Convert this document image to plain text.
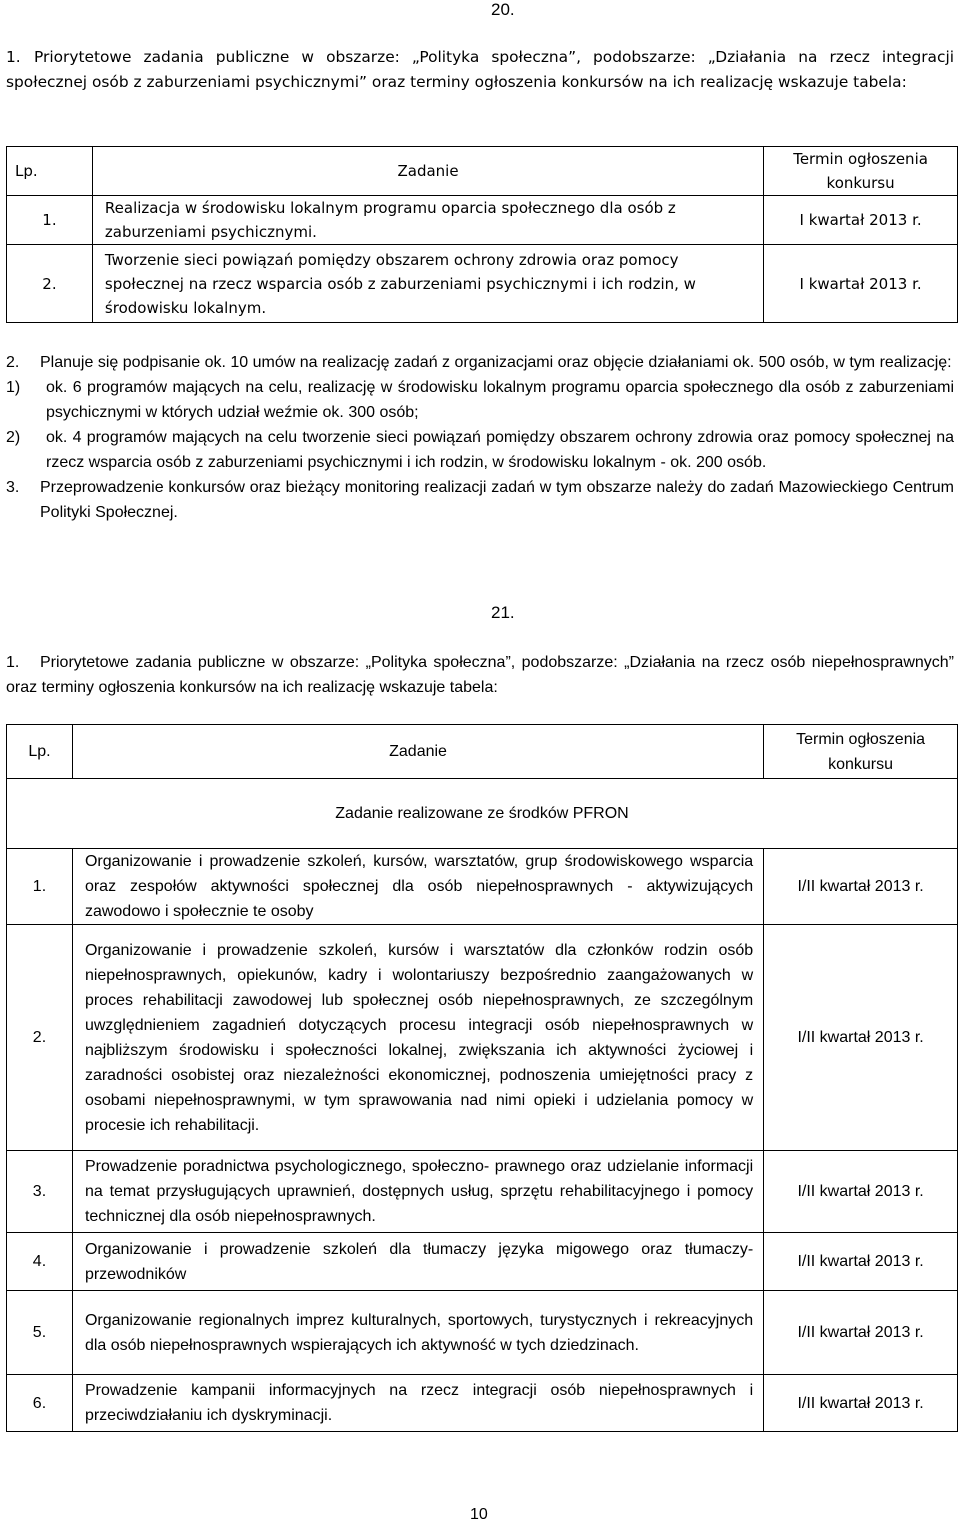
20.
1. Priorytetowe zadania publiczne w obszarze: „Polityka społeczna”, podobszarze: „Działania na rzecz integracji społecznej osób z zaburzeniami psychicznymi” oraz terminy ogłoszenia konkursów na ich realizację wskazuje tabela:
Lp.	Zadanie	Termin ogłoszenia konkursu
1.	Realizacja w środowisku lokalnym programu oparcia społecznego dla osób z zaburzeniami psychicznymi.	I kwartał 2013 r.
2.	Tworzenie sieci powiązań pomiędzy obszarem ochrony zdrowia oraz pomocy społecznej na rzecz wsparcia osób z zaburzeniami psychicznymi i ich rodzin, w środowisku lokalnym.	I kwartał 2013 r.
2. Planuje się podpisanie ok. 10 umów na realizację zadań z organizacjami oraz objęcie działaniami ok. 500 osób, w tym realizację:
1)	ok. 6 programów mających na celu, realizację w środowisku lokalnym programu oparcia społecznego dla osób z zaburzeniami psychicznymi w których udział weźmie ok. 300 osób;
2)	ok. 4 programów mających na celu tworzenie sieci powiązań pomiędzy obszarem ochrony zdrowia oraz pomocy społecznej na rzecz wsparcia osób z zaburzeniami psychicznymi i ich rodzin, w środowisku lokalnym - ok. 200 osób.
3.	Przeprowadzenie konkursów oraz bieżący monitoring realizacji zadań w tym obszarze należy do zadań Mazowieckiego Centrum Polityki Społecznej.
21.
1. Priorytetowe zadania publiczne w obszarze: „Polityka społeczna”, podobszarze: „Działania na rzecz osób niepełnosprawnych” oraz terminy ogłoszenia konkursów na ich realizację wskazuje tabela:
Lp.	Zadanie	Termin ogłoszenia konkursu
Zadanie realizowane ze środków PFRON		
1.	Organizowanie i prowadzenie szkoleń, kursów, warsztatów, grup środowiskowego wsparcia oraz zespołów aktywności społecznej dla osób niepełnosprawnych - aktywizujących zawodowo i społecznie te osoby	I/II kwartał 2013 r.
2.	Organizowanie i prowadzenie szkoleń, kursów i warsztatów dla członków rodzin osób niepełnosprawnych, opiekunów, kadry i wolontariuszy bezpośrednio zaangażowanych w proces rehabilitacji zawodowej lub społecznej osób niepełnosprawnych, ze szczególnym uwzględnieniem zagadnień dotyczących procesu integracji osób niepełnosprawnych w najbliższym środowisku i społeczności lokalnej, zwiększania ich aktywności życiowej i zaradności osobistej oraz niezależności ekonomicznej, podnoszenia umiejętności pracy z osobami niepełnosprawnymi, w tym sprawowania nad nimi opieki i udzielania pomocy w procesie ich rehabilitacji.	I/II kwartał 2013 r.
3.	Prowadzenie poradnictwa psychologicznego, społeczno- prawnego oraz udzielanie informacji na temat przysługujących uprawnień, dostępnych usług, sprzętu rehabilitacyjnego i pomocy technicznej dla osób niepełnosprawnych.	I/II kwartał 2013 r.
4.	Organizowanie i prowadzenie szkoleń dla tłumaczy języka migowego oraz tłumaczy-przewodników	I/II kwartał 2013 r.
5.	Organizowanie regionalnych imprez kulturalnych, sportowych, turystycznych i rekreacyjnych dla osób niepełnosprawnych wspierających ich aktywność w tych dziedzinach.	I/II kwartał 2013 r.
6.	Prowadzenie kampanii informacyjnych na rzecz integracji osób niepełnosprawnych i przeciwdziałaniu ich dyskryminacji.	I/II kwartał 2013 r.
10
